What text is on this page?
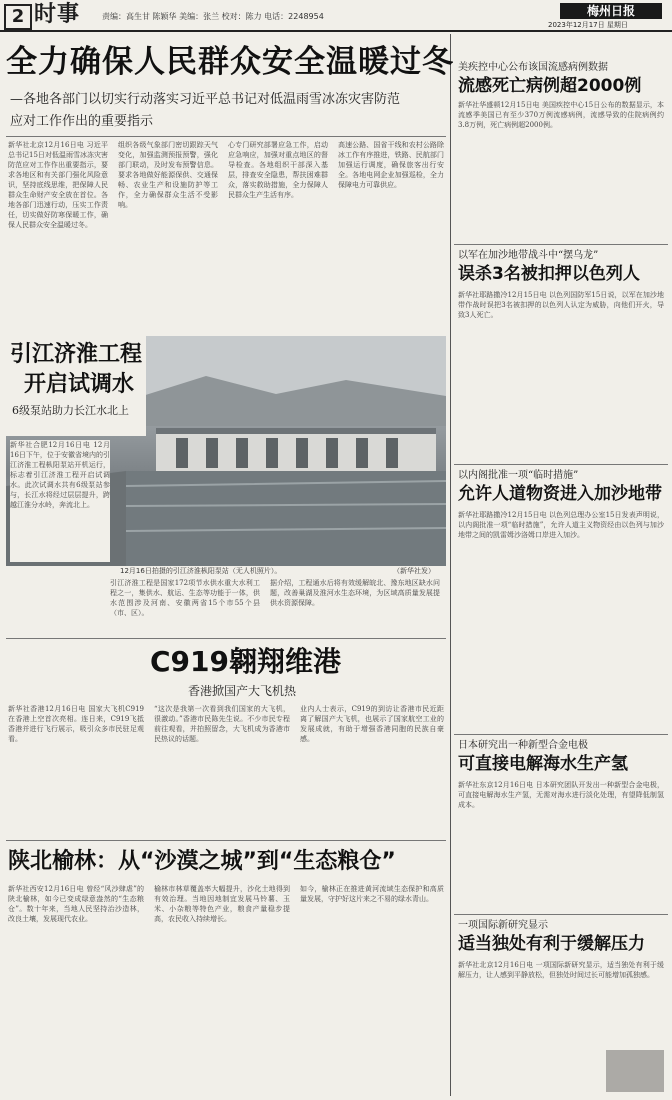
2 时事	责编：高生甘 陈颖华 美编：张兰 校对：陈力 电话：2248954	梅州日报
2023年12月17日 星期日
全力确保人民群众安全温暖过冬
—各地各部门以切实行动落实习近平总书记对低温雨雪冰冻灾害防范
应对工作作出的重要指示
新华社北京12月16日电 习近平总书记15日对低温雨雪冰冻灾害防范应对工作作出重要指示，要求各地区和有关部门强化风险意识，坚持底线思维，把保障人民群众生命财产安全放在首位。各地各部门迅速行动，压实工作责任，切实做好防寒保暖工作，确保人民群众安全温暖过冬。
组织各级气象部门密切跟踪天气变化，加强监测预报预警，强化部门联动，及时发布预警信息。要求各地做好能源保供、交通保畅、农业生产和设施防护等工作，全力确保群众生活不受影响。
心专门研究部署应急工作，启动应急响应，加强对重点地区的督导检查。各地组织干部深入基层，排查安全隐患，帮扶困难群众，落实救助措施，全力保障人民群众生产生活有序。
高速公路、国省干线和农村公路除冰工作有序推进，铁路、民航部门加强运行调度，确保旅客出行安全。各地电网企业加强巡检，全力保障电力可靠供应。
引江济淮工程
开启试调水
6级泵站助力长江水北上
新华社合肥12月16日电 12月16日下午，位于安徽省境内的引江济淮工程枞阳泵站开机运行，标志着引江济淮工程开启试调水。此次试调水共有6级泵站参与，长江水将经过层层提升，跨越江淮分水岭，奔流北上。
12月16日拍摄的引江济淮枞阳泵站（无人机照片）。	（新华社发）
引江济淮工程是国家172项节水供水重大水利工程之一，集供水、航运、生态等功能于一体，供水范围涉及河南、安徽两省15个市55个县（市、区）。
据介绍，工程通水后将有效缓解皖北、豫东地区缺水问题，改善巢湖及淮河水生态环境，为区域高质量发展提供水资源保障。
C919翱翔维港
香港掀国产大飞机热
新华社香港12月16日电 国家大飞机C919在香港上空首次亮相。连日来，C919飞抵香港并进行飞行展示，吸引众多市民驻足观看。
“这次是我第一次看到我们国家的大飞机，很激动。”香港市民陈先生说。不少市民专程前往观看，并拍照留念，大飞机成为香港市民热议的话题。
业内人士表示，C919的到访让香港市民近距离了解国产大飞机，也展示了国家航空工业的发展成就，有助于增强香港同胞的民族自豪感。
陕北榆林：从“沙漠之城”到“生态粮仓”
新华社西安12月16日电 曾经“风沙肆虐”的陕北榆林，如今已变成绿意盎然的“生态粮仓”。数十年来，当地人民坚持治沙造林，改良土壤，发展现代农业。
榆林市林草覆盖率大幅提升，沙化土地得到有效治理。当地因地制宜发展马铃薯、玉米、小杂粮等特色产业，粮食产量稳步提高，农民收入持续增长。
如今，榆林正在推进黄河流域生态保护和高质量发展，守护好这片来之不易的绿水青山。
美疾控中心公布该国流感病例数据
流感死亡病例超2000例
新华社华盛顿12月15日电 美国疾控中心15日公布的数据显示，本流感季美国已有至少370万例流感病例，流感导致的住院病例约3.8万例，死亡病例超2000例。
以军在加沙地带战斗中“摆乌龙”
误杀3名被扣押以色列人
新华社耶路撒冷12月15日电 以色列国防军15日说，以军在加沙地带作战时误把3名被扣押的以色列人认定为威胁，向他们开火，导致3人死亡。
以内阁批准一项“临时措施”
允许人道物资进入加沙地带
新华社耶路撒冷12月15日电 以色列总理办公室15日发表声明说，以内阁批准一项“临时措施”，允许人道主义物资经由以色列与加沙地带之间的凯雷姆沙洛姆口岸进入加沙。
日本研究出一种新型合金电极
可直接电解海水生产氢
新华社东京12月16日电 日本研究团队开发出一种新型合金电极，可直接电解海水生产氢，无需对海水进行淡化处理，有望降低制氢成本。
一项国际新研究显示
适当独处有利于缓解压力
新华社北京12月16日电 一项国际新研究显示，适当独处有利于缓解压力，让人感到平静放松，但独处时间过长可能增加孤独感。
